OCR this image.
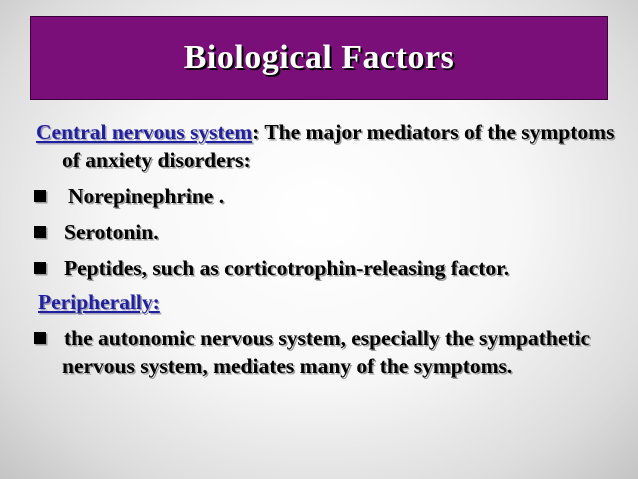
Biological Factors

Central nervous system: The major mediators of the symptoms of anxiety disorders:

Norepinephrine .

Serotonin.

Peptides, such as corticotrophin-releasing factor.

Peripherally:

the autonomic nervous system, especially the sympathetic nervous system, mediates many of the symptoms.
